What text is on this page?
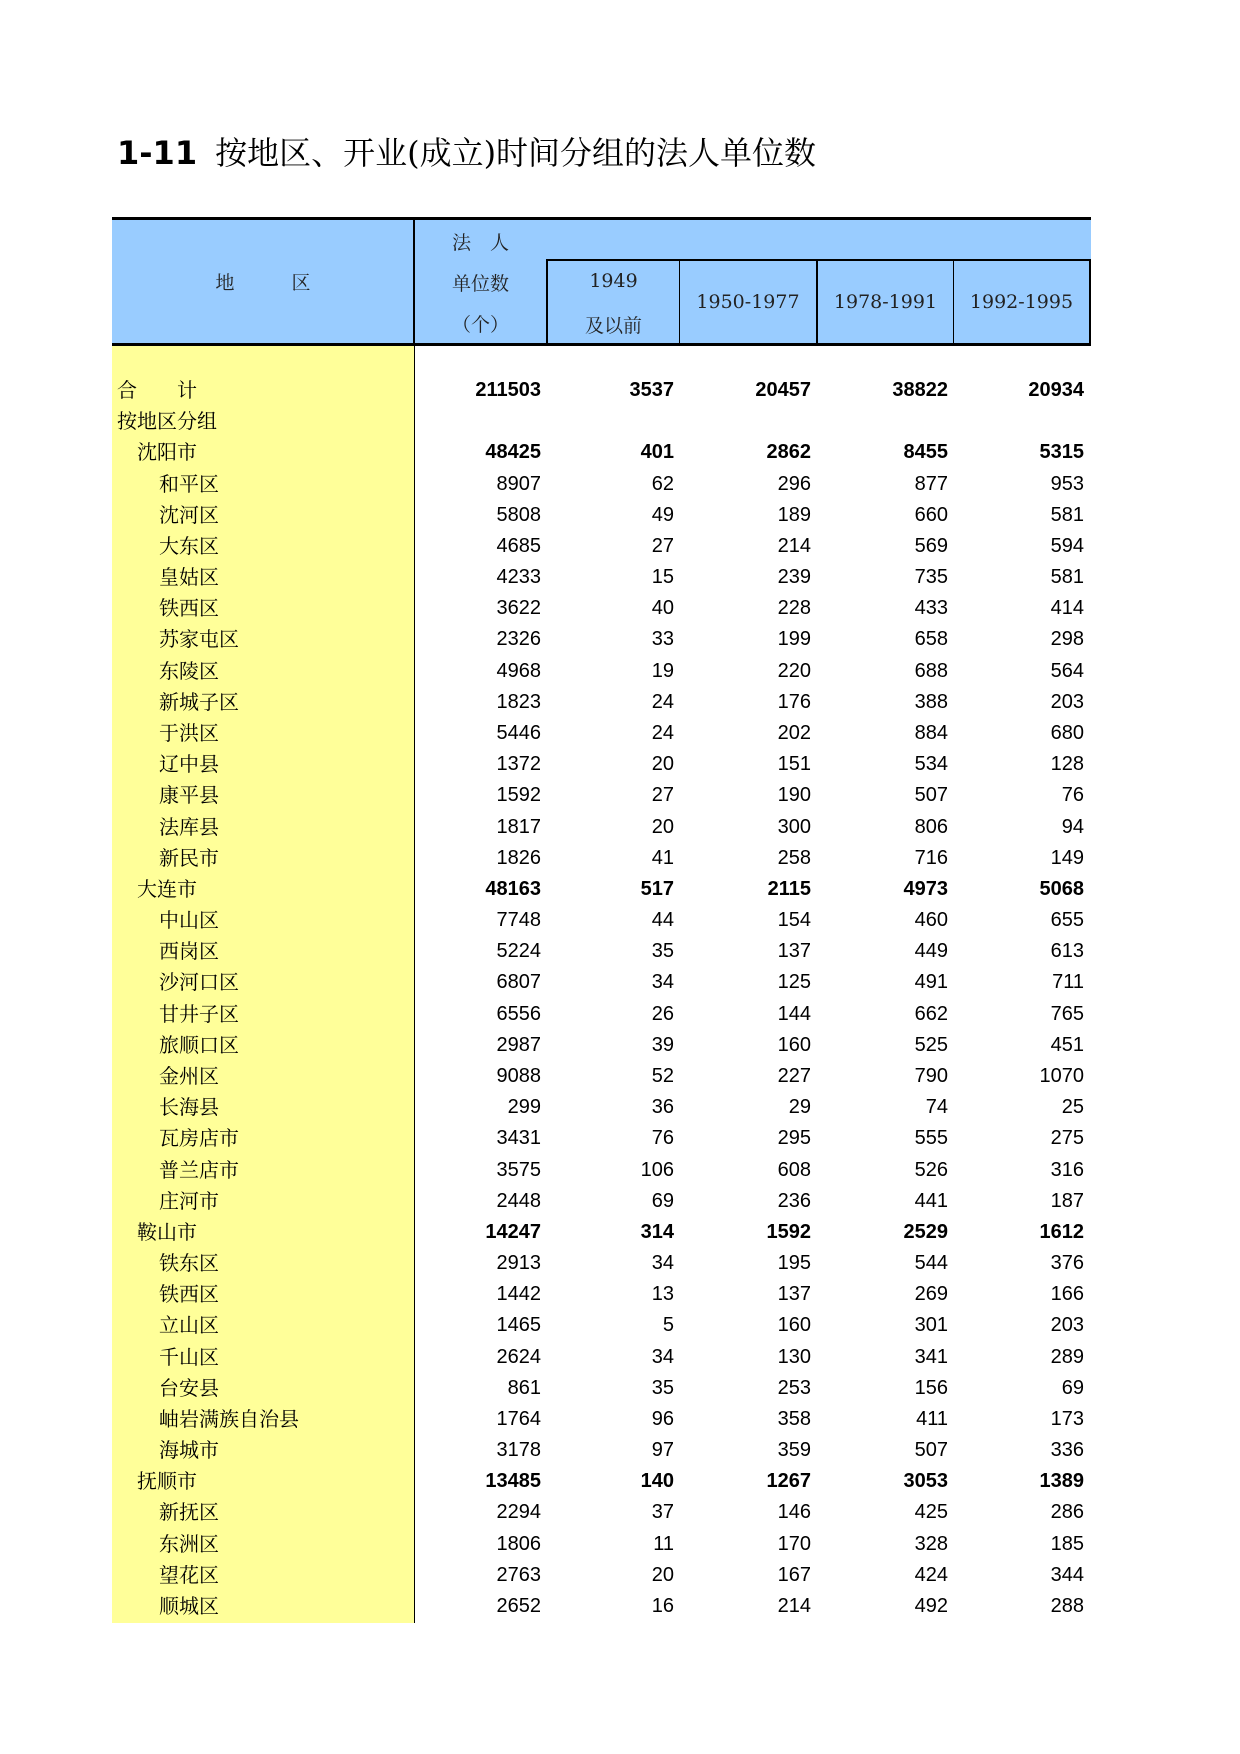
1-11 按地区、开业(成立)时间分组的法人单位数
地　　　区
法　人
单位数
（个）
1949
及以前
1950-1977	1978-1991	1992-1995
合　　计	211503	3537	20457	38822	20934
按地区分组
沈阳市	48425	401	2862	8455	5315
和平区	8907	62	296	877	953
沈河区	5808	49	189	660	581
大东区	4685	27	214	569	594
皇姑区	4233	15	239	735	581
铁西区	3622	40	228	433	414
苏家屯区	2326	33	199	658	298
东陵区	4968	19	220	688	564
新城子区	1823	24	176	388	203
于洪区	5446	24	202	884	680
辽中县	1372	20	151	534	128
康平县	1592	27	190	507	76
法库县	1817	20	300	806	94
新民市	1826	41	258	716	149
大连市	48163	517	2115	4973	5068
中山区	7748	44	154	460	655
西岗区	5224	35	137	449	613
沙河口区	6807	34	125	491	711
甘井子区	6556	26	144	662	765
旅顺口区	2987	39	160	525	451
金州区	9088	52	227	790	1070
长海县	299	36	29	74	25
瓦房店市	3431	76	295	555	275
普兰店市	3575	106	608	526	316
庄河市	2448	69	236	441	187
鞍山市	14247	314	1592	2529	1612
铁东区	2913	34	195	544	376
铁西区	1442	13	137	269	166
立山区	1465	5	160	301	203
千山区	2624	34	130	341	289
台安县	861	35	253	156	69
岫岩满族自治县	1764	96	358	411	173
海城市	3178	97	359	507	336
抚顺市	13485	140	1267	3053	1389
新抚区	2294	37	146	425	286
东洲区	1806	11	170	328	185
望花区	2763	20	167	424	344
顺城区	2652	16	214	492	288
